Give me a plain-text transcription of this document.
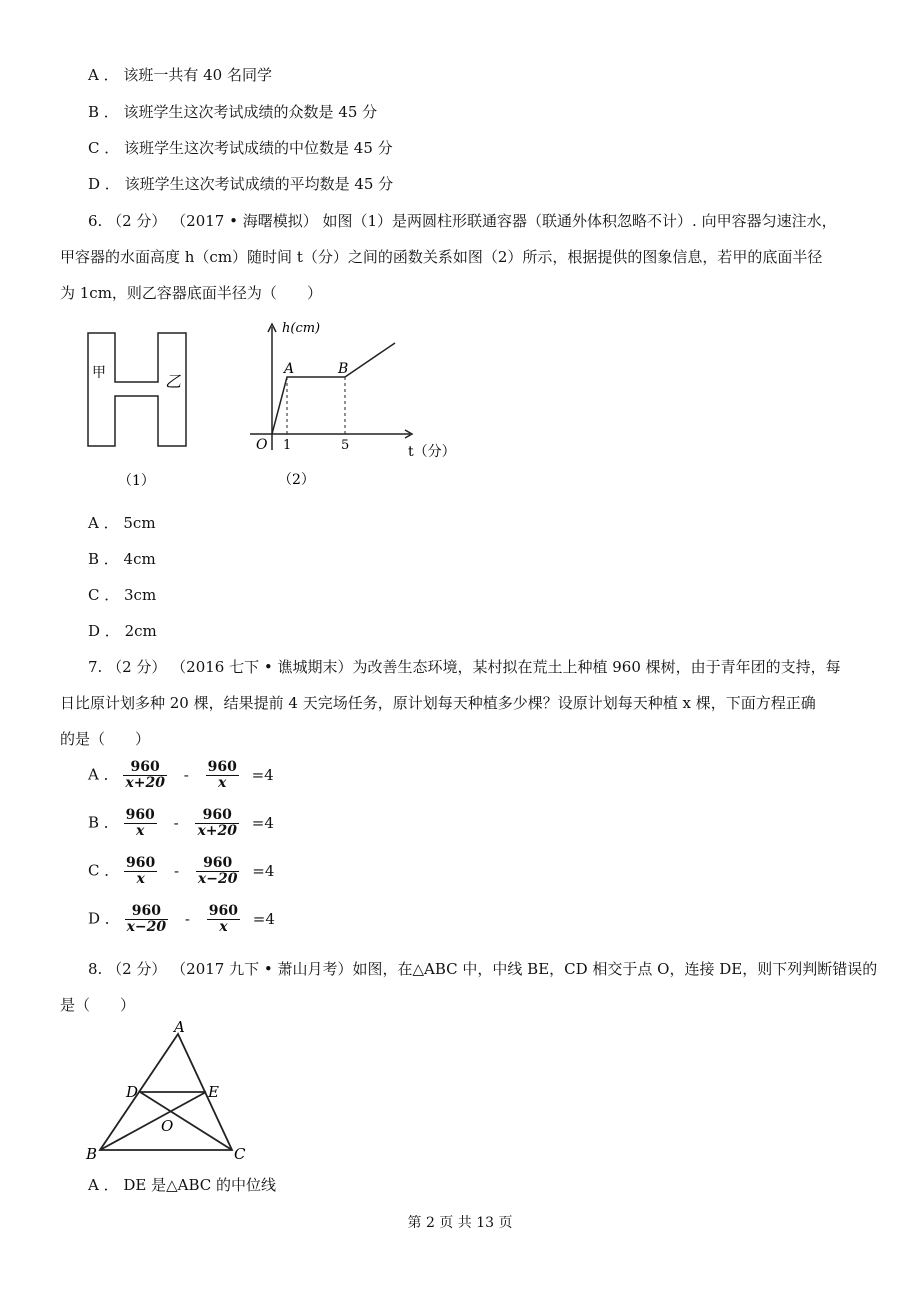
A ． 该班一共有 40 名同学
B ． 该班学生这次考试成绩的众数是 45 分
C ． 该班学生这次考试成绩的中位数是 45 分
D ． 该班学生这次考试成绩的平均数是 45 分
6. （2 分） （2017 • 海曙模拟） 如图（1）是两圆柱形联通容器（联通外体积忽略不计）. 向甲容器匀速注水，
甲容器的水面高度 h（cm）随时间 t（分）之间的函数关系如图（2）所示，根据提供的图象信息，若甲的底面半径
为 1cm，则乙容器底面半径为（　　）
甲	乙
（1）
h(cm)
A	B
O 1	5	t（分）
（2）
A ． 5cm
B ． 4cm
C ． 3cm
D ． 2cm
7. （2 分） （2016 七下 • 谯城期末）为改善生态环境，某村拟在荒土上种植 960 棵树，由于青年团的支持，每
日比原计划多种 20 棵，结果提前 4 天完场任务，原计划每天种植多少棵？设原计划每天种植 x 棵，下面方程正确
的是（　　）
A ． $\frac{960}{x+20} - \frac{960}{x} =4$
B ． $\frac{960}{x} - \frac{960}{x+20} =4$
C ． $\frac{960}{x} - \frac{960}{x-20} =4$
D ． $\frac{960}{x-20} - \frac{960}{x} =4$
8. （2 分） （2017 九下 • 萧山月考）如图，在△ABC 中，中线 BE，CD 相交于点 O，连接 DE，则下列判断错误的
是（　　）
A
B	C
D	E
O
A ． DE 是△ABC 的中位线
第 2 页 共 13 页
